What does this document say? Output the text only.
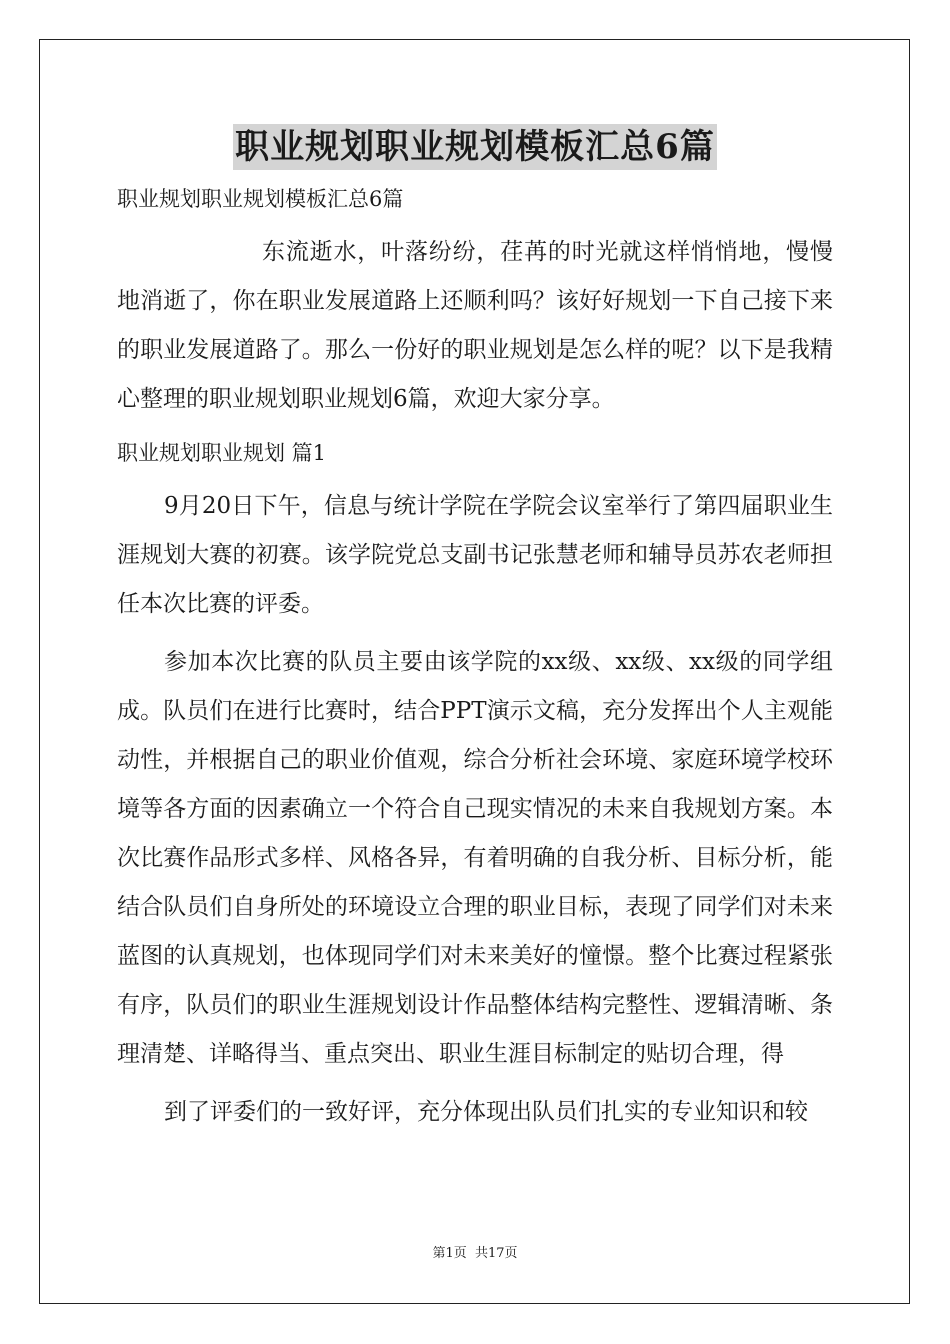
职业规划职业规划模板汇总6篇
职业规划职业规划模板汇总6篇

东流逝水，叶落纷纷，荏苒的时光就这样悄悄地，慢慢地消逝了，你在职业发展道路上还顺利吗？该好好规划一下自己接下来的职业发展道路了。那么一份好的职业规划是怎么样的呢？以下是我精心整理的职业规划职业规划6篇，欢迎大家分享。

职业规划职业规划 篇1

9月20日下午，信息与统计学院在学院会议室举行了第四届职业生涯规划大赛的初赛。该学院党总支副书记张慧老师和辅导员苏农老师担任本次比赛的评委。

参加本次比赛的队员主要由该学院的xx级、xx级、xx级的同学组成。队员们在进行比赛时，结合PPT演示文稿，充分发挥出个人主观能动性，并根据自己的职业价值观，综合分析社会环境、家庭环境学校环境等各方面的因素确立一个符合自己现实情况的未来自我规划方案。本次比赛作品形式多样、风格各异，有着明确的自我分析、目标分析，能结合队员们自身所处的环境设立合理的职业目标，表现了同学们对未来蓝图的认真规划，也体现同学们对未来美好的憧憬。整个比赛过程紧张有序，队员们的职业生涯规划设计作品整体结构完整性、逻辑清晰、条理清楚、详略得当、重点突出、职业生涯目标制定的贴切合理，得

到了评委们的一致好评，充分体现出队员们扎实的专业知识和较

第1页 共17页
